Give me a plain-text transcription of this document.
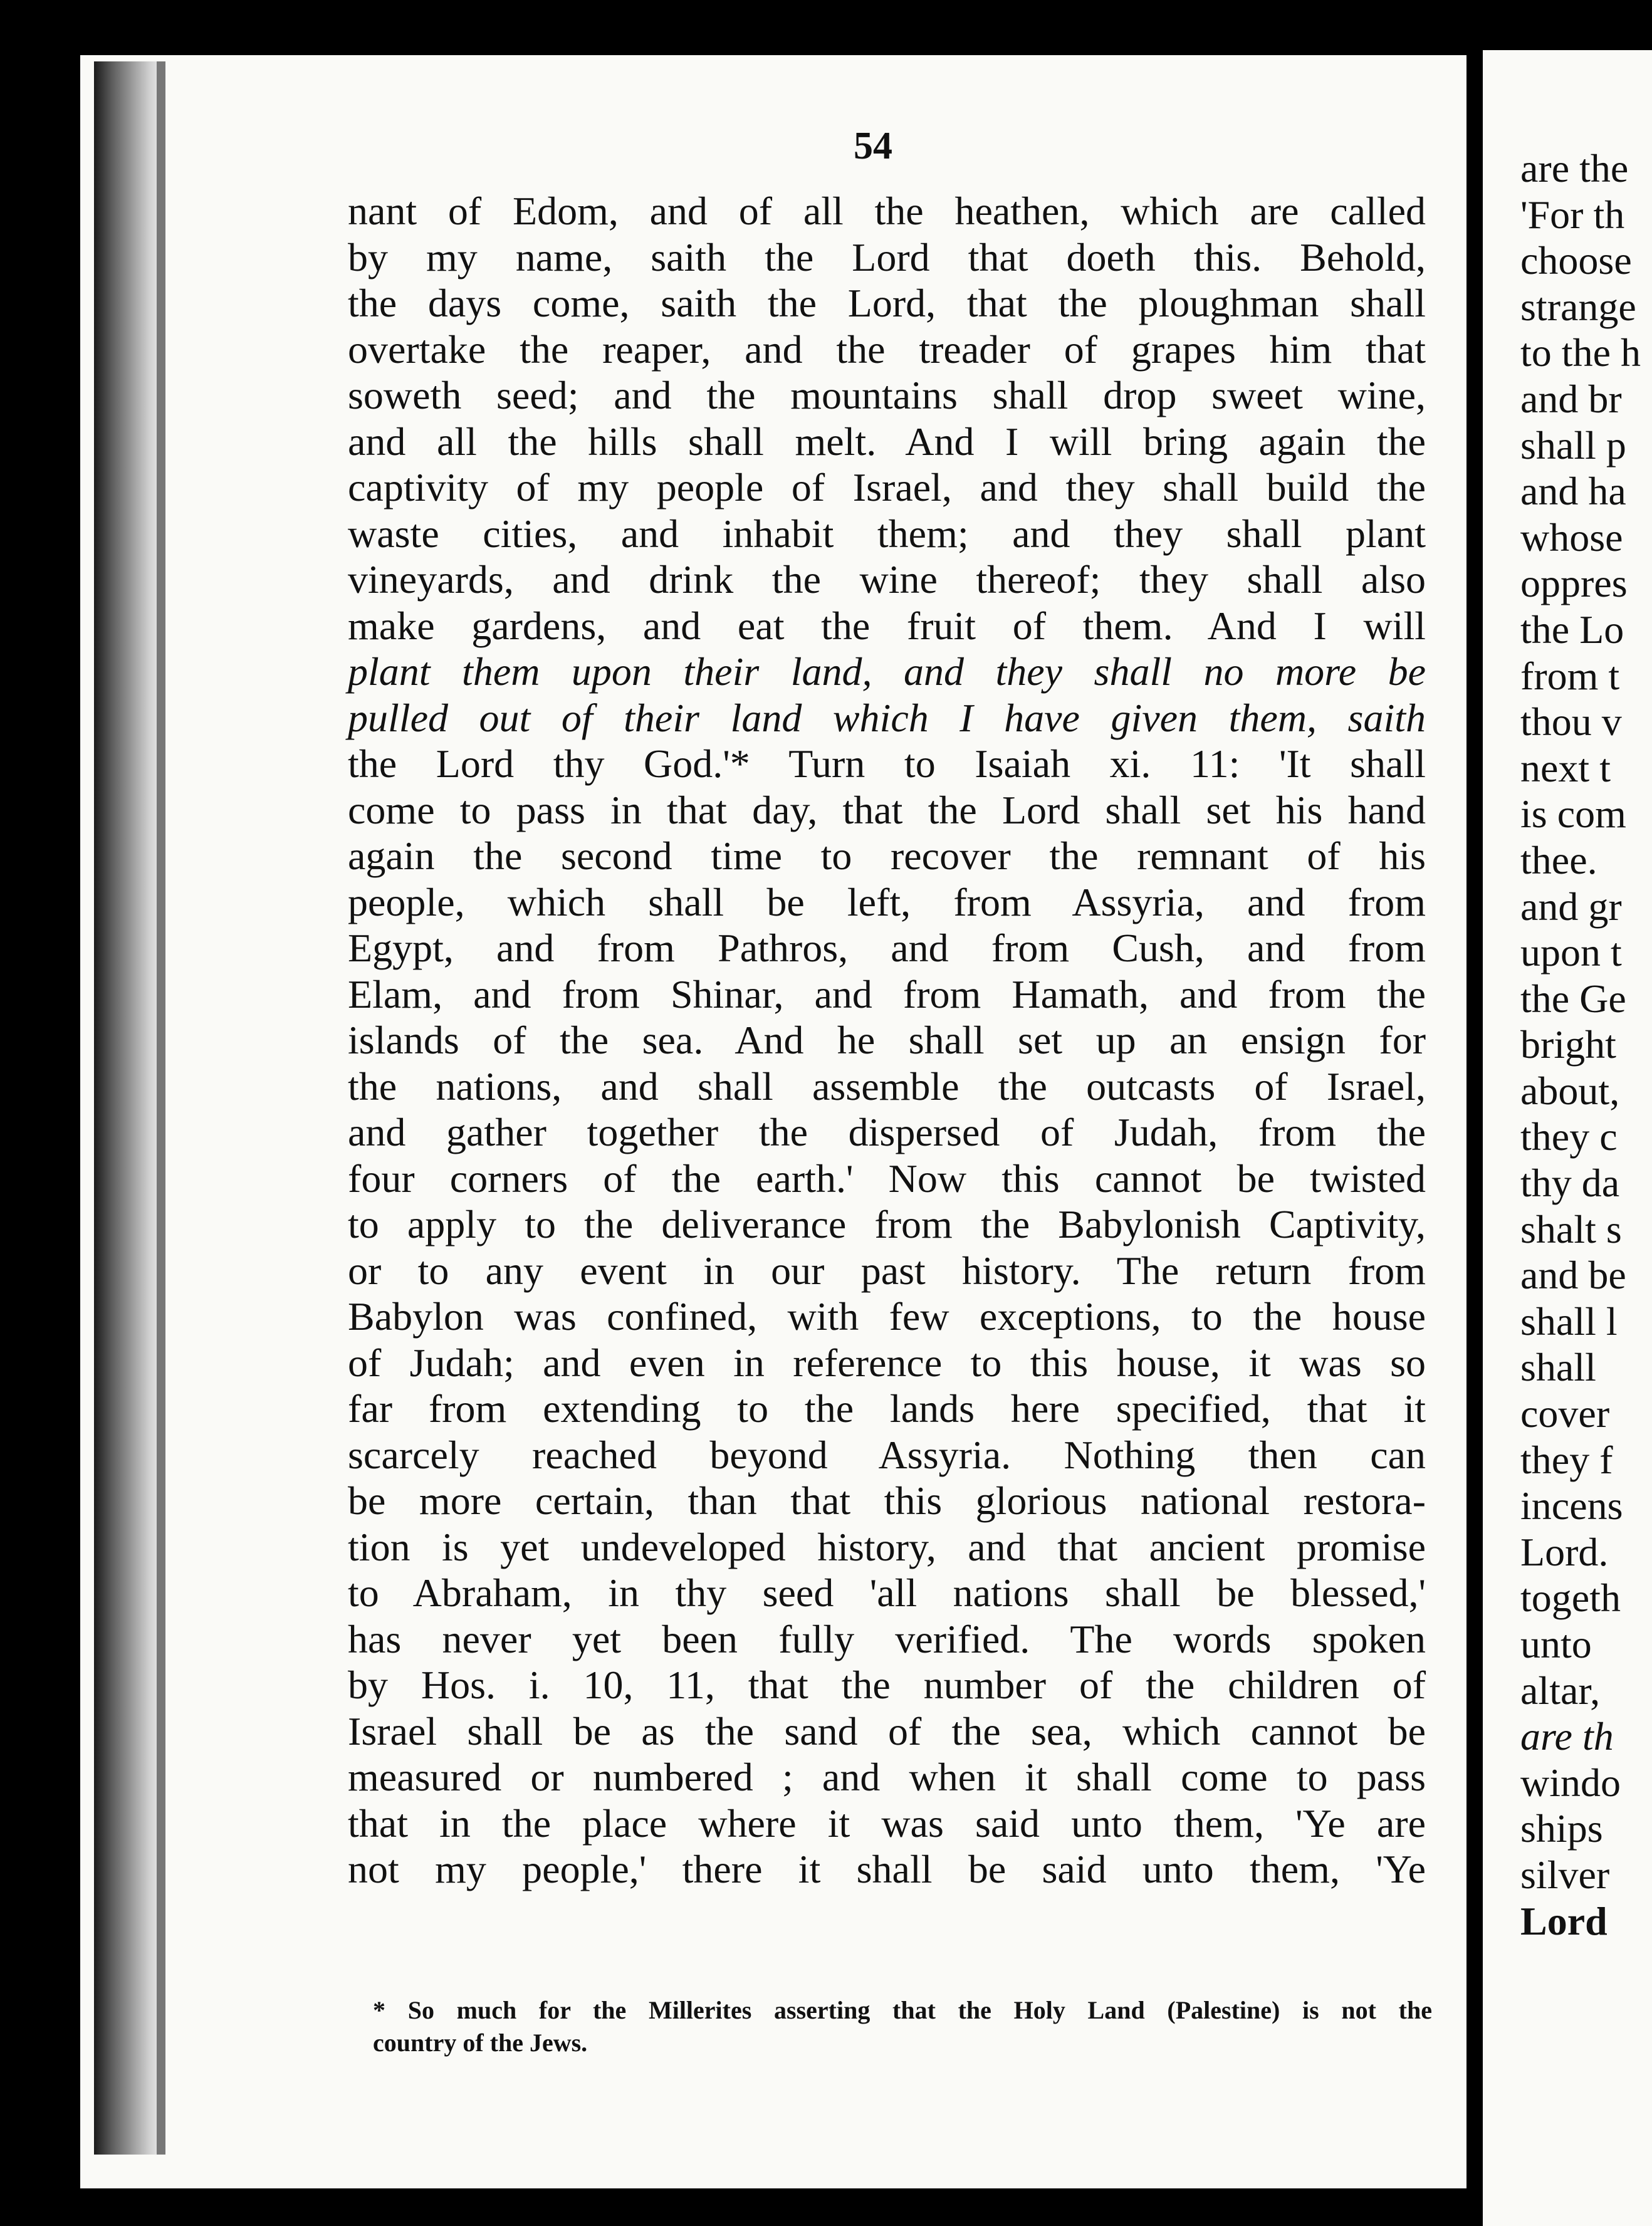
54
nant of Edom, and of all the heathen, which are called
by my name, saith the Lord that doeth this. Behold,
the days come, saith the Lord, that the ploughman shall
overtake the reaper, and the treader of grapes him that
soweth seed; and the mountains shall drop sweet wine,
and all the hills shall melt. And I will bring again the
captivity of my people of Israel, and they shall build the
waste cities, and inhabit them; and they shall plant
vineyards, and drink the wine thereof; they shall also
make gardens, and eat the fruit of them. And I will
plant them upon their land, and they shall no more be
pulled out of their land which I have given them, saith
the Lord thy God.'* Turn to Isaiah xi. 11: 'It shall
come to pass in that day, that the Lord shall set his hand
again the second time to recover the remnant of his
people, which shall be left, from Assyria, and from
Egypt, and from Pathros, and from Cush, and from
Elam, and from Shinar, and from Hamath, and from the
islands of the sea. And he shall set up an ensign for
the nations, and shall assemble the outcasts of Israel,
and gather together the dispersed of Judah, from the
four corners of the earth.' Now this cannot be twisted
to apply to the deliverance from the Babylonish Captivity,
or to any event in our past history. The return from
Babylon was confined, with few exceptions, to the house
of Judah; and even in reference to this house, it was so
far from extending to the lands here specified, that it
scarcely reached beyond Assyria. Nothing then can
be more certain, than that this glorious national restora-
tion is yet undeveloped history, and that ancient promise
to Abraham, in thy seed 'all nations shall be blessed,'
has never yet been fully verified. The words spoken
by Hos. i. 10, 11, that the number of the children of
Israel shall be as the sand of the sea, which cannot be
measured or numbered ; and when it shall come to pass
that in the place where it was said unto them, 'Ye are
not my people,' there it shall be said unto them, 'Ye
* So much for the Millerites asserting that the Holy Land (Palestine) is not the
country of the Jews.
are the
'For th
choose
strange
to the h
and br
shall p
and ha
whose
oppres
the Lo
from t
thou v
next t
is com
thee.
and gr
upon t
the Ge
bright
about,
they c
thy da
shalt s
and be
shall l
shall
cover
they f
incens
Lord.
togeth
unto
altar,
are th
windo
ships
silver
Lord
